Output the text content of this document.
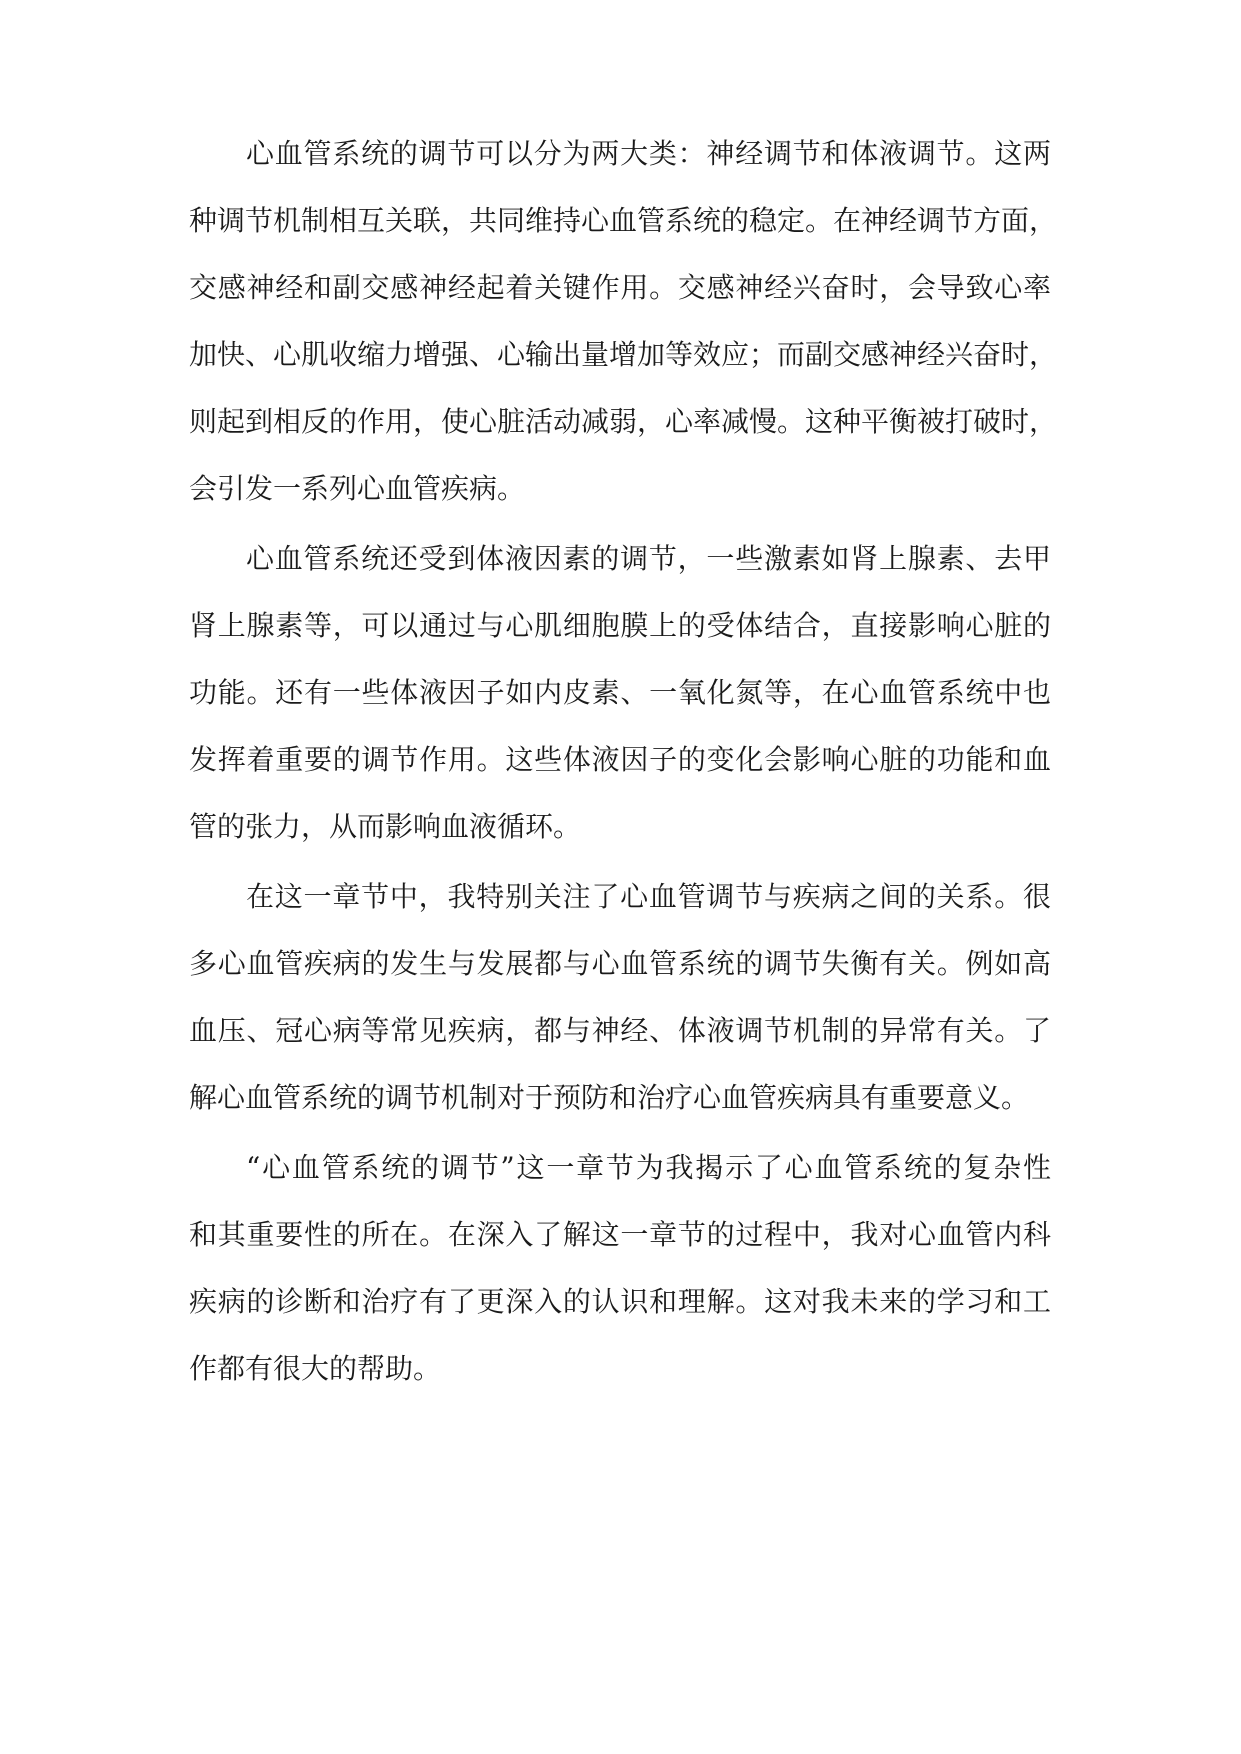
心血管系统的调节可以分为两大类：神经调节和体液调节。这两
种调节机制相互关联，共同维持心血管系统的稳定。在神经调节方面，
交感神经和副交感神经起着关键作用。交感神经兴奋时，会导致心率
加快、心肌收缩力增强、心输出量增加等效应；而副交感神经兴奋时，
则起到相反的作用，使心脏活动减弱，心率减慢。这种平衡被打破时，
会引发一系列心血管疾病。
心血管系统还受到体液因素的调节，一些激素如肾上腺素、去甲
肾上腺素等，可以通过与心肌细胞膜上的受体结合，直接影响心脏的
功能。还有一些体液因子如内皮素、一氧化氮等，在心血管系统中也
发挥着重要的调节作用。这些体液因子的变化会影响心脏的功能和血
管的张力，从而影响血液循环。
在这一章节中，我特别关注了心血管调节与疾病之间的关系。很
多心血管疾病的发生与发展都与心血管系统的调节失衡有关。例如高
血压、冠心病等常见疾病，都与神经、体液调节机制的异常有关。了
解心血管系统的调节机制对于预防和治疗心血管疾病具有重要意义。
“心血管系统的调节”这一章节为我揭示了心血管系统的复杂性
和其重要性的所在。在深入了解这一章节的过程中，我对心血管内科
疾病的诊断和治疗有了更深入的认识和理解。这对我未来的学习和工
作都有很大的帮助。
